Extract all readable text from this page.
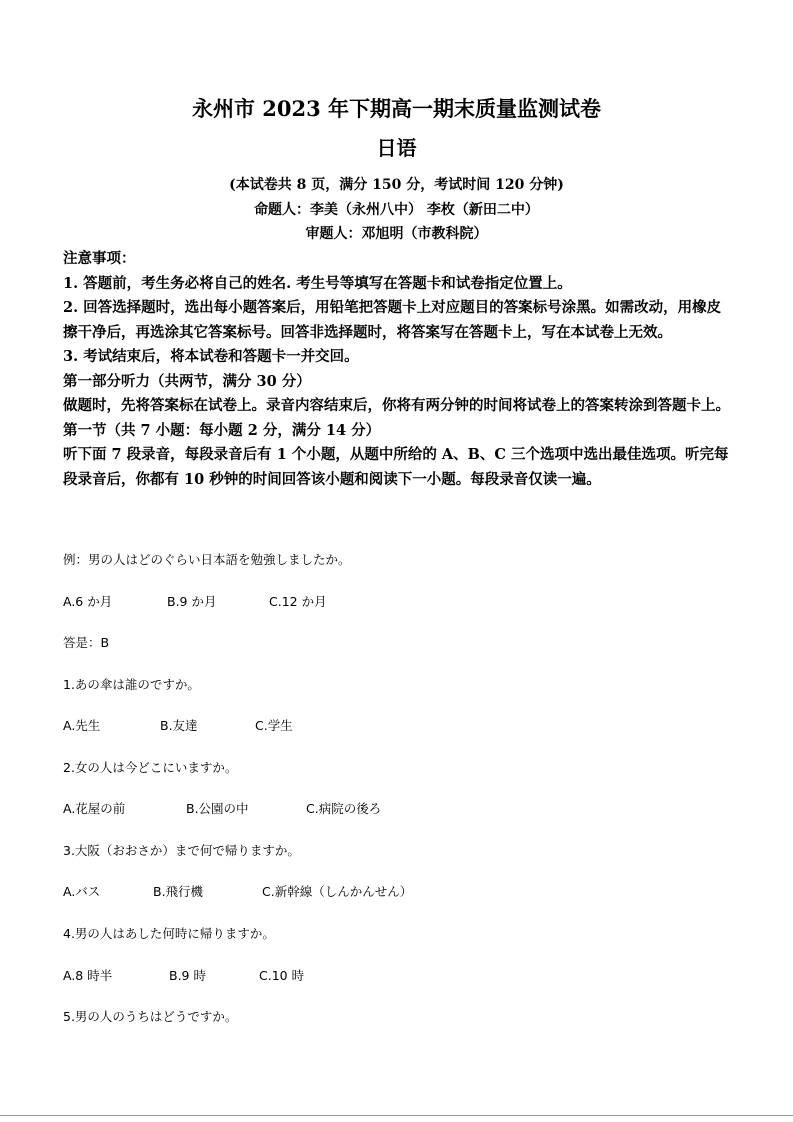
永州市 2023 年下期高一期末质量监测试卷
日语
(本试卷共 8 页，满分 150 分，考试时间 120 分钟)
命题人：李美（永州八中） 李枚（新田二中）
审题人：邓旭明（市教科院）

注意事项：

1. 答题前，考生务必将自己的姓名. 考生号等填写在答题卡和试卷指定位置上。

2. 回答选择题时，选出每小题答案后，用铅笔把答题卡上对应题目的答案标号涂黑。如需改动，用橡皮擦干净后，再选涂其它答案标号。回答非选择题时，将答案写在答题卡上，写在本试卷上无效。

3. 考试结束后，将本试卷和答题卡一并交回。

第一部分听力（共两节，满分 30 分）

做题时，先将答案标在试卷上。录音内容结束后，你将有两分钟的时间将试卷上的答案转涂到答题卡上。

第一节（共 7 小题：每小题 2 分，满分 14 分）

听下面 7 段录音，每段录音后有 1 个小题，从题中所给的 A、B、C 三个选项中选出最佳选项。听完每段录音后，你都有 10 秒钟的时间回答该小题和阅读下一小题。每段录音仅读一遍。

例：男の人はどのぐらい日本語を勉強しましたか。
A.6 か月	B.9 か月	C.12 か月
答是：B
1.あの傘は誰のですか。
A.先生	B.友達	C.学生
2.女の人は今どこにいますか。
A.花屋の前	B.公園の中	C.病院の後ろ
3.大阪（おおさか）まで何で帰りますか。
A.バス	B.飛行機	C.新幹線（しんかんせん）
4.男の人はあした何時に帰りますか。
A.8 時半	B.9 時	C.10 時
5.男の人のうちはどうですか。
